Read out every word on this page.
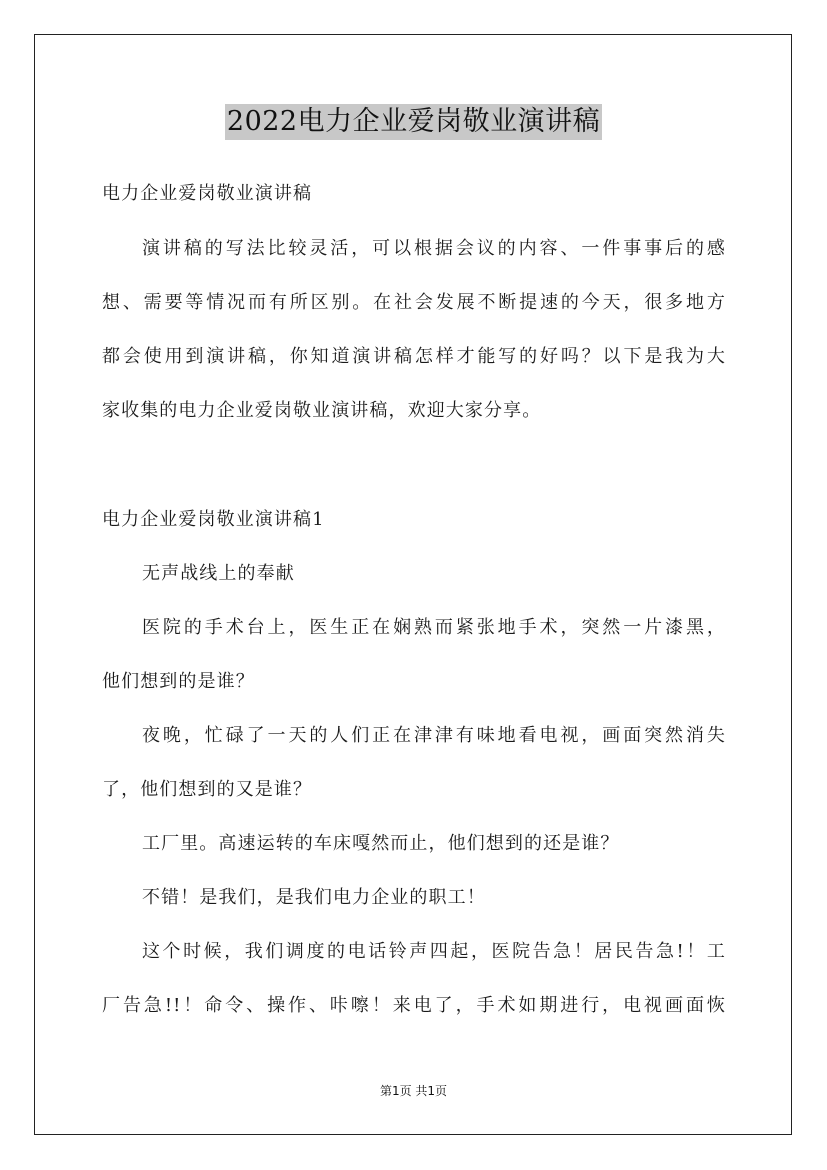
2022电力企业爱岗敬业演讲稿
电力企业爱岗敬业演讲稿
演讲稿的写法比较灵活，可以根据会议的内容、一件事事后的感
想、需要等情况而有所区别。在社会发展不断提速的今天，很多地方
都会使用到演讲稿，你知道演讲稿怎样才能写的好吗？以下是我为大
家收集的电力企业爱岗敬业演讲稿，欢迎大家分享。
电力企业爱岗敬业演讲稿1
无声战线上的奉献
医院的手术台上，医生正在娴熟而紧张地手术，突然一片漆黑，
他们想到的是谁？
夜晚，忙碌了一天的人们正在津津有味地看电视，画面突然消失
了，他们想到的又是谁？
工厂里。高速运转的车床嘎然而止，他们想到的还是谁？
不错！是我们，是我们电力企业的职工！
这个时候，我们调度的电话铃声四起，医院告急！居民告急!！工
厂告急!!！命令、操作、咔嚓！来电了，手术如期进行，电视画面恢
第1页 共1页
